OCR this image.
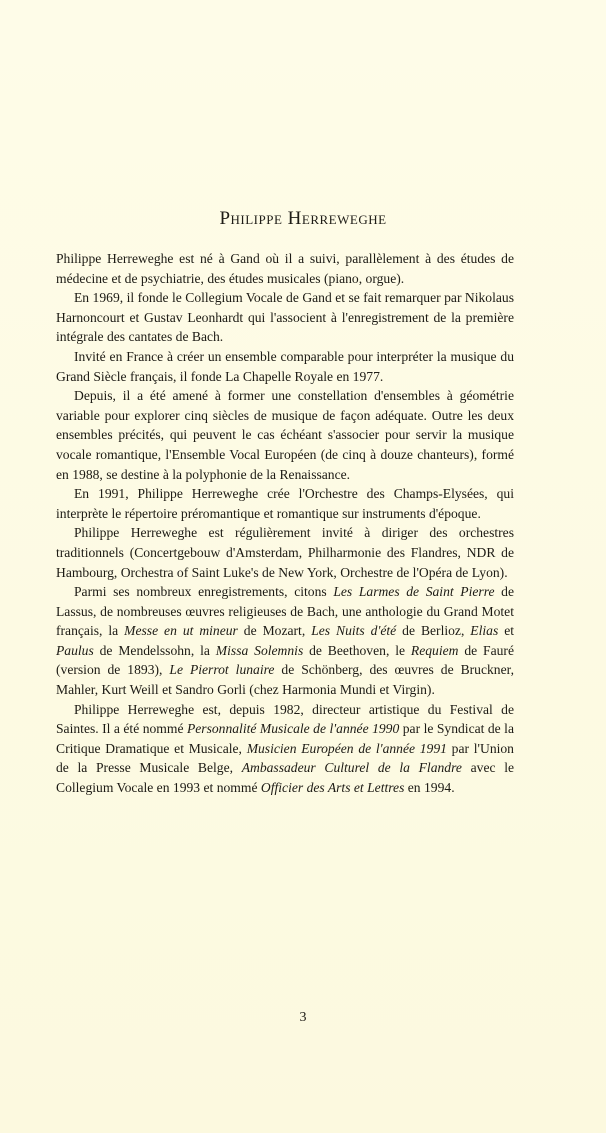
Philippe Herreweghe

Philippe Herreweghe est né à Gand où il a suivi, parallèlement à des études de médecine et de psychiatrie, des études musicales (piano, orgue).

En 1969, il fonde le Collegium Vocale de Gand et se fait remarquer par Nikolaus Harnoncourt et Gustav Leonhardt qui l'associent à l'enregistrement de la première intégrale des cantates de Bach.

Invité en France à créer un ensemble comparable pour interpréter la musique du Grand Siècle français, il fonde La Chapelle Royale en 1977.

Depuis, il a été amené à former une constellation d'ensembles à géométrie variable pour explorer cinq siècles de musique de façon adéquate. Outre les deux ensembles précités, qui peuvent le cas échéant s'associer pour servir la musique vocale romantique, l'Ensemble Vocal Européen (de cinq à douze chanteurs), formé en 1988, se destine à la polyphonie de la Renaissance.

En 1991, Philippe Herreweghe crée l'Orchestre des Champs-Elysées, qui interprète le répertoire préromantique et romantique sur instruments d'époque.

Philippe Herreweghe est régulièrement invité à diriger des orchestres traditionnels (Concertgebouw d'Amsterdam, Philharmonie des Flandres, NDR de Hambourg, Orchestra of Saint Luke's de New York, Orchestre de l'Opéra de Lyon).

Parmi ses nombreux enregistrements, citons Les Larmes de Saint Pierre de Lassus, de nombreuses œuvres religieuses de Bach, une anthologie du Grand Motet français, la Messe en ut mineur de Mozart, Les Nuits d'été de Berlioz, Elias et Paulus de Mendelssohn, la Missa Solemnis de Beethoven, le Requiem de Fauré (version de 1893), Le Pierrot lunaire de Schönberg, des œuvres de Bruckner, Mahler, Kurt Weill et Sandro Gorli (chez Harmonia Mundi et Virgin).

Philippe Herreweghe est, depuis 1982, directeur artistique du Festival de Saintes. Il a été nommé Personnalité Musicale de l'année 1990 par le Syndicat de la Critique Dramatique et Musicale, Musicien Européen de l'année 1991 par l'Union de la Presse Musicale Belge, Ambassadeur Culturel de la Flandre avec le Collegium Vocale en 1993 et nommé Officier des Arts et Lettres en 1994.

3
